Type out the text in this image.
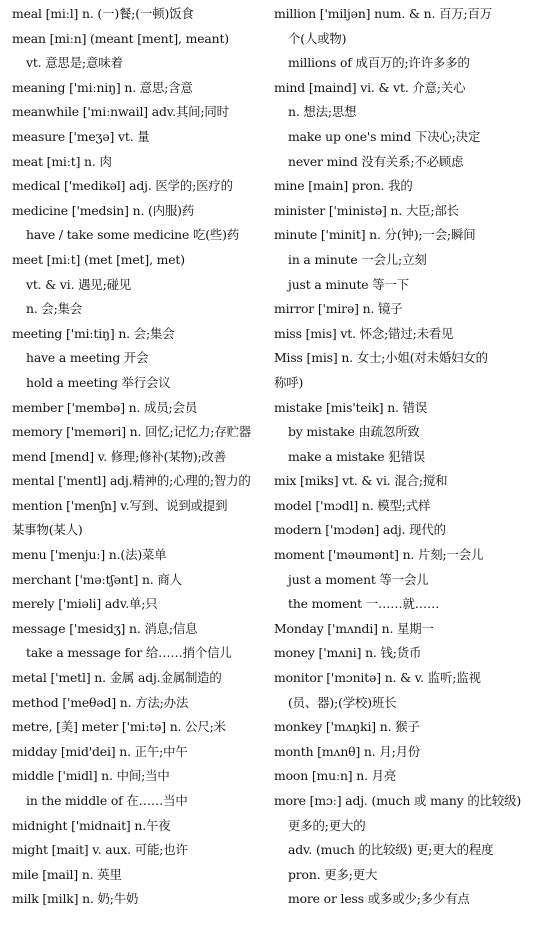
meal [miːl] n. (一)餐;(一顿)饭食
mean [miːn] (meant [ment], meant)
vt. 意思是;意味着
meaning ['miːniŋ] n. 意思;含意
meanwhile ['miːnwail] adv.其间;同时
measure ['meʒə] vt. 量
meat [miːt] n. 肉
medical ['medikəl] adj. 医学的;医疗的
medicine ['medsin] n. (内服)药
have / take some medicine 吃(些)药
meet [miːt] (met [met], met)
vt. & vi. 遇见;碰见
n. 会;集会
meeting ['miːtiŋ] n. 会;集会
have a meeting 开会
hold a meeting 举行会议
member ['membə] n. 成员;会员
memory ['meməri] n. 回忆;记忆力;存贮器
mend [mend] v. 修理;修补(某物);改善
mental ['mentl] adj.精神的;心理的;智力的
mention ['menʃn] v.写到、说到或提到
某事物(某人)
menu ['menjuː] n.(法)菜单
merchant ['məːtʃənt] n. 商人
merely ['miəli] adv.单;只
message ['mesidʒ] n. 消息;信息
take a message for 给……捎个信儿
metal ['metl] n. 金属 adj.金属制造的
method ['meθəd] n. 方法;办法
metre, [美] meter ['miːtə] n. 公尺;米
midday [mid'dei] n. 正午;中午
middle ['midl] n. 中间;当中
in the middle of 在……当中
midnight ['midnait] n.午夜
might [mait] v. aux. 可能;也许
mile [mail] n. 英里
milk [milk] n. 奶;牛奶
million ['miljən] num. & n. 百万;百万
个(人或物)
millions of 成百万的;许许多多的
mind [maind] vi. & vt. 介意;关心
n. 想法;思想
make up one's mind 下决心;决定
never mind 没有关系;不必顾虑
mine [main] pron. 我的
minister ['ministə] n. 大臣;部长
minute ['minit] n. 分(钟);一会;瞬间
in a minute 一会儿;立刻
just a minute 等一下
mirror ['mirə] n. 镜子
miss [mis] vt. 怀念;错过;未看见
Miss [mis] n. 女士;小姐(对未婚妇女的
称呼)
mistake [mis'teik] n. 错误
by mistake 由疏忽所致
make a mistake 犯错误
mix [miks] vt. & vi. 混合;搅和
model ['mɔdl] n. 模型;式样
modern ['mɔdən] adj. 现代的
moment ['məumənt] n. 片刻;一会儿
just a moment 等一会儿
the moment 一……就……
Monday ['mʌndi] n. 星期一
money ['mʌni] n. 钱;货币
monitor ['mɔnitə] n. & v. 监听;监视
(员、器);(学校)班长
monkey ['mʌŋki] n. 猴子
month [mʌnθ] n. 月;月份
moon [muːn] n. 月亮
more [mɔː] adj. (much 或 many 的比较级)
更多的;更大的
adv. (much 的比较级) 更;更大的程度
pron. 更多;更大
more or less 或多或少;多少有点
